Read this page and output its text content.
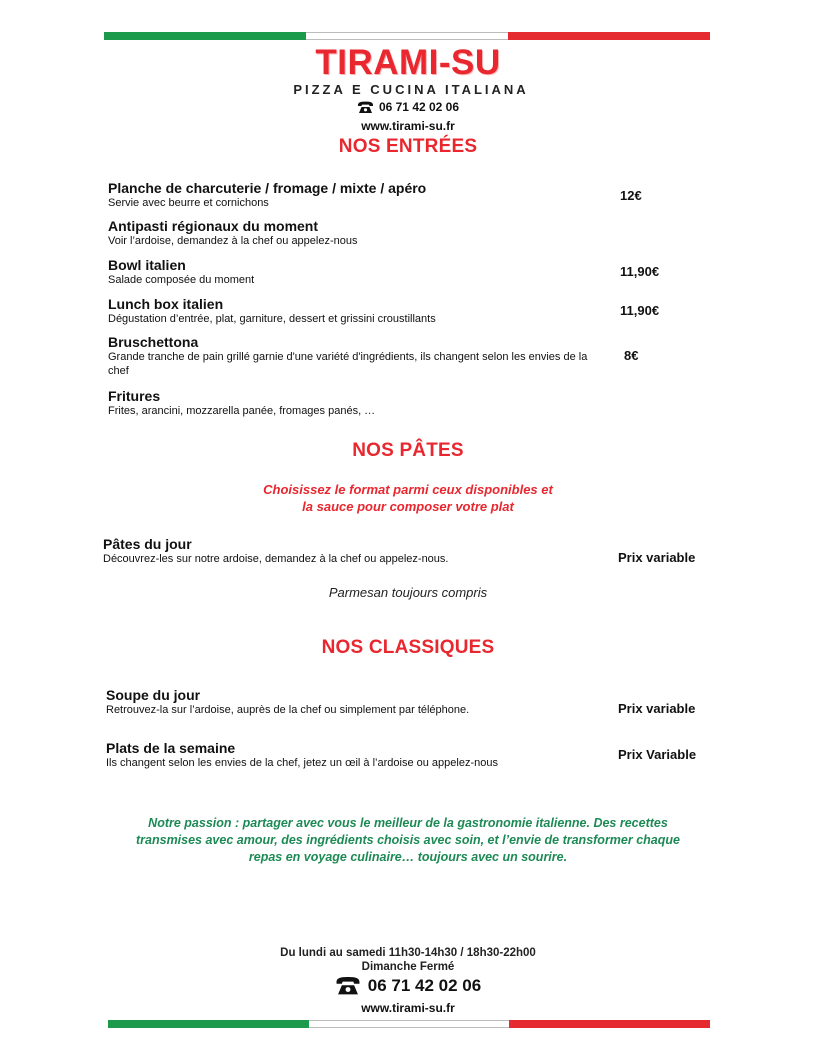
TIRAMI-SU
PIZZA E CUCINA ITALIANA
06 71 42 02 06
www.tirami-su.fr
NOS ENTRÉES
Planche de charcuterie / fromage / mixte / apéro
Servie avec beurre et cornichons	12€
Antipasti régionaux du moment
Voir l’ardoise, demandez à la chef ou appelez-nous
Bowl italien
Salade composée du moment
11,90€
Lunch box italien
Dégustation d’entrée, plat, garniture, dessert et grissini croustillants
11,90€
Bruschettona
Grande tranche de pain grillé garnie d'une variété d'ingrédients, ils changent selon les envies de la chef
8€
Fritures
Frites, arancini, mozzarella panée, fromages panés, …
NOS PÂTES
Choisissez le format parmi ceux disponibles et
la sauce pour composer votre plat
Pâtes du jour
Découvrez-les sur notre ardoise, demandez à la chef ou appelez-nous.	Prix variable
Parmesan toujours compris
NOS CLASSIQUES
Soupe du jour
Retrouvez-la sur l’ardoise, auprès de la chef ou simplement par téléphone.	Prix variable
Plats de la semaine
Ils changent selon les envies de la chef, jetez un œil à l’ardoise ou appelez-nous
Prix Variable
Notre passion : partager avec vous le meilleur de la gastronomie italienne. Des recettes
transmises avec amour, des ingrédients choisis avec soin, et l’envie de transformer chaque
repas en voyage culinaire… toujours avec un sourire.
Du lundi au samedi 11h30-14h30 / 18h30-22h00
Dimanche Fermé
06 71 42 02 06
www.tirami-su.fr
